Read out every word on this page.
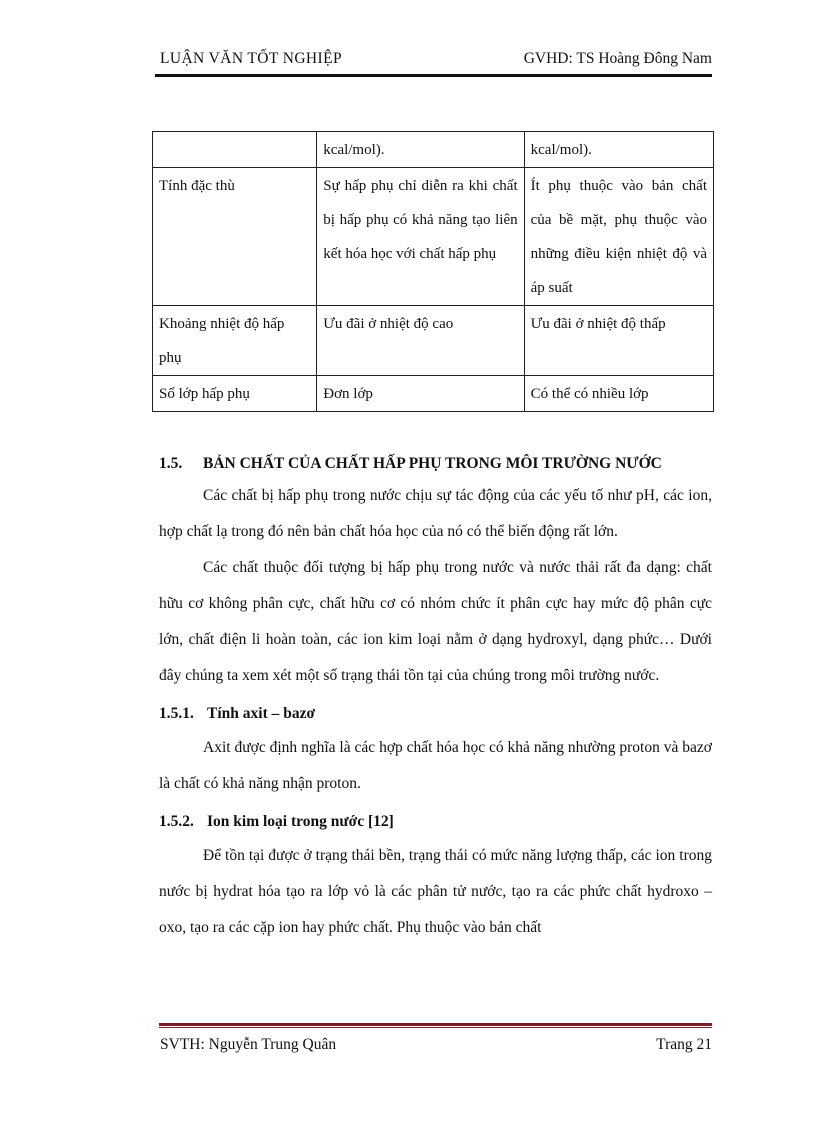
LUẬN VĂN TỐT NGHIỆP	GVHD: TS Hoàng Đông Nam
	kcal/mol).	kcal/mol).
Tính đặc thù	Sự hấp phụ chỉ diễn ra khi chất bị hấp phụ có khả năng tạo liên kết hóa học với chất hấp phụ	Ít phụ thuộc vào bản chất của bề mặt, phụ thuộc vào những điều kiện nhiệt độ và áp suất
Khoảng nhiệt độ hấp phụ	Ưu đãi ở nhiệt độ cao	Ưu đãi ở nhiệt độ thấp
Số lớp hấp phụ	Đơn lớp	Có thể có nhiều lớp

1.5. BẢN CHẤT CỦA CHẤT HẤP PHỤ TRONG MÔI TRƯỜNG NƯỚC

Các chất bị hấp phụ trong nước chịu sự tác động của các yếu tố như pH, các ion, hợp chất lạ trong đó nên bản chất hóa học của nó có thể biến động rất lớn.

Các chất thuộc đối tượng bị hấp phụ trong nước và nước thải rất đa dạng: chất hữu cơ không phân cực, chất hữu cơ có nhóm chức ít phân cực hay mức độ phân cực lớn, chất điện li hoàn toàn, các ion kim loại nằm ở dạng hydroxyl, dạng phức… Dưới đây chúng ta xem xét một số trạng thái tồn tại của chúng trong môi trường nước.

1.5.1. Tính axit – bazơ

Axit được định nghĩa là các hợp chất hóa học có khả năng nhường proton và bazơ là chất có khả năng nhận proton.

1.5.2. Ion kim loại trong nước [12]

Để tồn tại được ở trạng thái bền, trạng thái có mức năng lượng thấp, các ion trong nước bị hydrat hóa tạo ra lớp vỏ là các phân tử nước, tạo ra các phức chất hydroxo – oxo, tạo ra các cặp ion hay phức chất. Phụ thuộc vào bản chất

SVTH: Nguyễn Trung Quân	Trang 21
